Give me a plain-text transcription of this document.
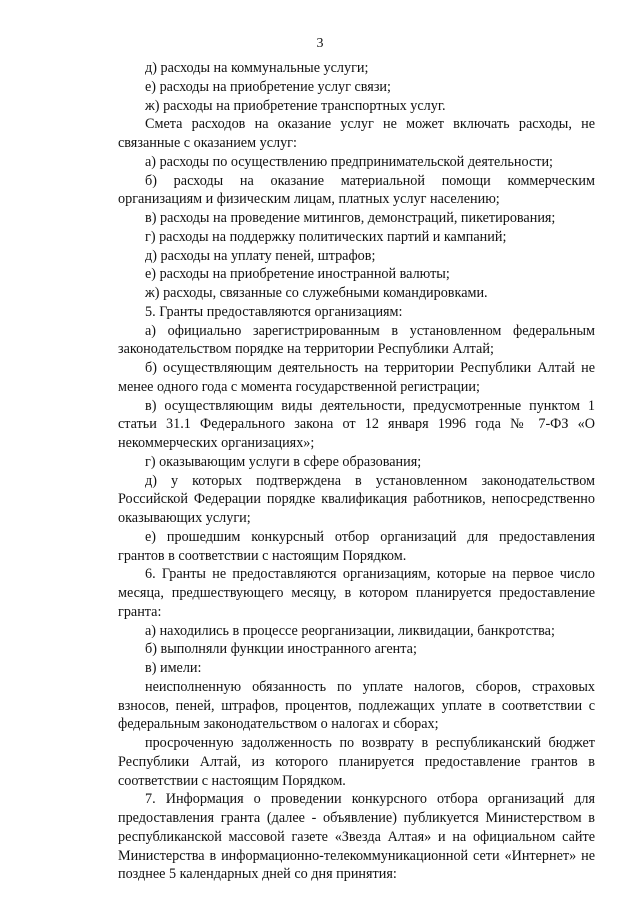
3

д) расходы на коммунальные услуги;

е) расходы на приобретение услуг связи;

ж) расходы на приобретение транспортных услуг.

Смета расходов на оказание услуг не может включать расходы, не связанные с оказанием услуг:

а) расходы по осуществлению предпринимательской деятельности;

б) расходы на оказание материальной помощи коммерческим организациям и физическим лицам, платных услуг населению;

в) расходы на проведение митингов, демонстраций, пикетирования;

г) расходы на поддержку политических партий и кампаний;

д) расходы на уплату пеней, штрафов;

е) расходы на приобретение иностранной валюты;

ж) расходы, связанные со служебными командировками.

5. Гранты предоставляются организациям:

а) официально зарегистрированным в установленном федеральным законодательством порядке на территории Республики Алтай;

б) осуществляющим деятельность на территории Республики Алтай не менее одного года с момента государственной регистрации;

в) осуществляющим виды деятельности, предусмотренные пунктом 1 статьи 31.1 Федерального закона от 12 января 1996 года № 7-ФЗ «О некоммерческих организациях»;

г) оказывающим услуги в сфере образования;

д) у которых подтверждена в установленном законодательством Российской Федерации порядке квалификация работников, непосредственно оказывающих услуги;

е) прошедшим конкурсный отбор организаций для предоставления грантов в соответствии с настоящим Порядком.

6. Гранты не предоставляются организациям, которые на первое число месяца, предшествующего месяцу, в котором планируется предоставление гранта:

а) находились в процессе реорганизации, ликвидации, банкротства;

б) выполняли функции иностранного агента;

в) имели:

неисполненную обязанность по уплате налогов, сборов, страховых взносов, пеней, штрафов, процентов, подлежащих уплате в соответствии с федеральным законодательством о налогах и сборах;

просроченную задолженность по возврату в республиканский бюджет Республики Алтай, из которого планируется предоставление грантов в соответствии с настоящим Порядком.

7. Информация о проведении конкурсного отбора организаций для предоставления гранта (далее - объявление) публикуется Министерством в республиканской массовой газете «Звезда Алтая» и на официальном сайте Министерства в информационно-телекоммуникационной сети «Интернет» не позднее 5 календарных дней со дня принятия:
